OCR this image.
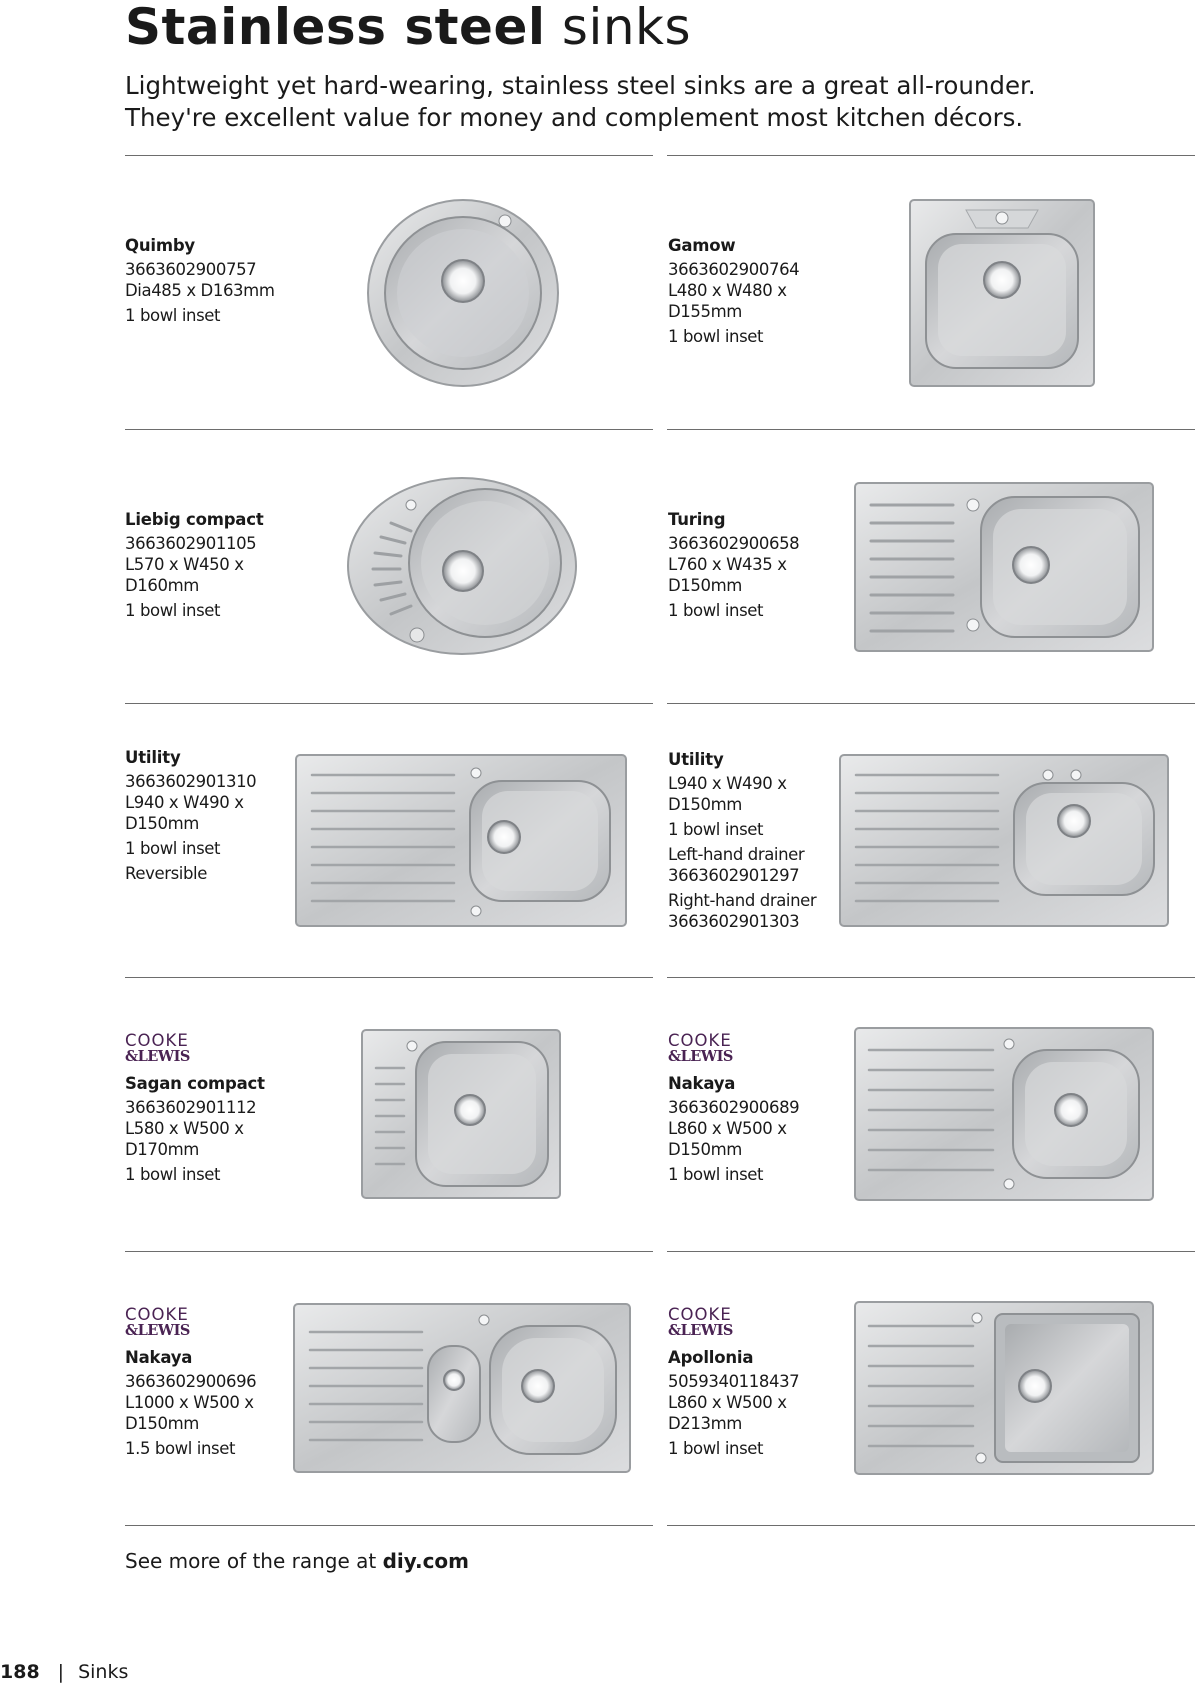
Stainless steel sinks
Lightweight yet hard-wearing, stainless steel sinks are a great all-rounder. They're excellent value for money and complement most kitchen décors.
Quimby
3663602900757
Dia485 x D163mm
1 bowl inset
Gamow
3663602900764
L480 x W480 x
D155mm
1 bowl inset
Liebig compact
3663602901105
L570 x W450 x
D160mm
1 bowl inset
Turing
3663602900658
L760 x W435 x
D150mm
1 bowl inset
Utility
3663602901310
L940 x W490 x
D150mm
1 bowl inset
Reversible
Utility
L940 x W490 x
D150mm
1 bowl inset
Left-hand drainer
3663602901297
Right-hand drainer
3663602901303
COOKE
&LEWIS
Sagan compact
3663602901112
L580 x W500 x
D170mm
1 bowl inset
COOKE
&LEWIS
Nakaya
3663602900689
L860 x W500 x
D150mm
1 bowl inset
COOKE
&LEWIS
Nakaya
3663602900696
L1000 x W500 x
D150mm
1.5 bowl inset
COOKE
&LEWIS
Apollonia
5059340118437
L860 x W500 x
D213mm
1 bowl inset
See more of the range at diy.com
188 | Sinks
